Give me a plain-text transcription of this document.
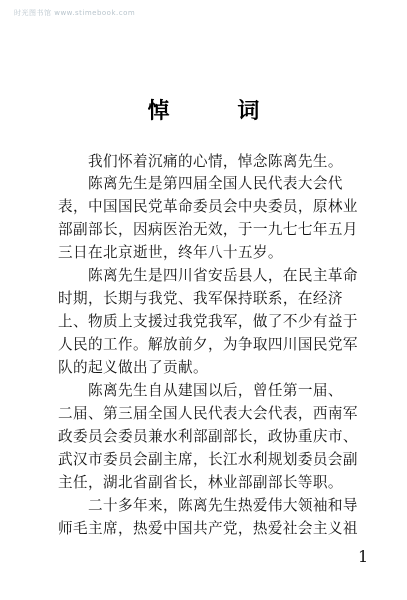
时光图书馆 www.stimebook.com
悼 词
　　我们怀着沉痛的心情，悼念陈离先生。
　　陈离先生是第四届全国人民代表大会代
表，中国国民党革命委员会中央委员，原林业
部副部长，因病医治无效，于一九七七年五月
三日在北京逝世，终年八十五岁。
　　陈离先生是四川省安岳县人，在民主革命
时期，长期与我党、我军保持联系，在经济
上、物质上支援过我党我军，做了不少有益于
人民的工作。解放前夕，为争取四川国民党军
队的起义做出了贡献。
　　陈离先生自从建国以后，曾任第一届、
二届、第三届全国人民代表大会代表，西南军
政委员会委员兼水利部副部长，政协重庆市、
武汉市委员会副主席，长江水利规划委员会副
主任，湖北省副省长，林业部副部长等职。
　　二十多年来，陈离先生热爱伟大领袖和导
师毛主席，热爱中国共产党，热爱社会主义祖
1
